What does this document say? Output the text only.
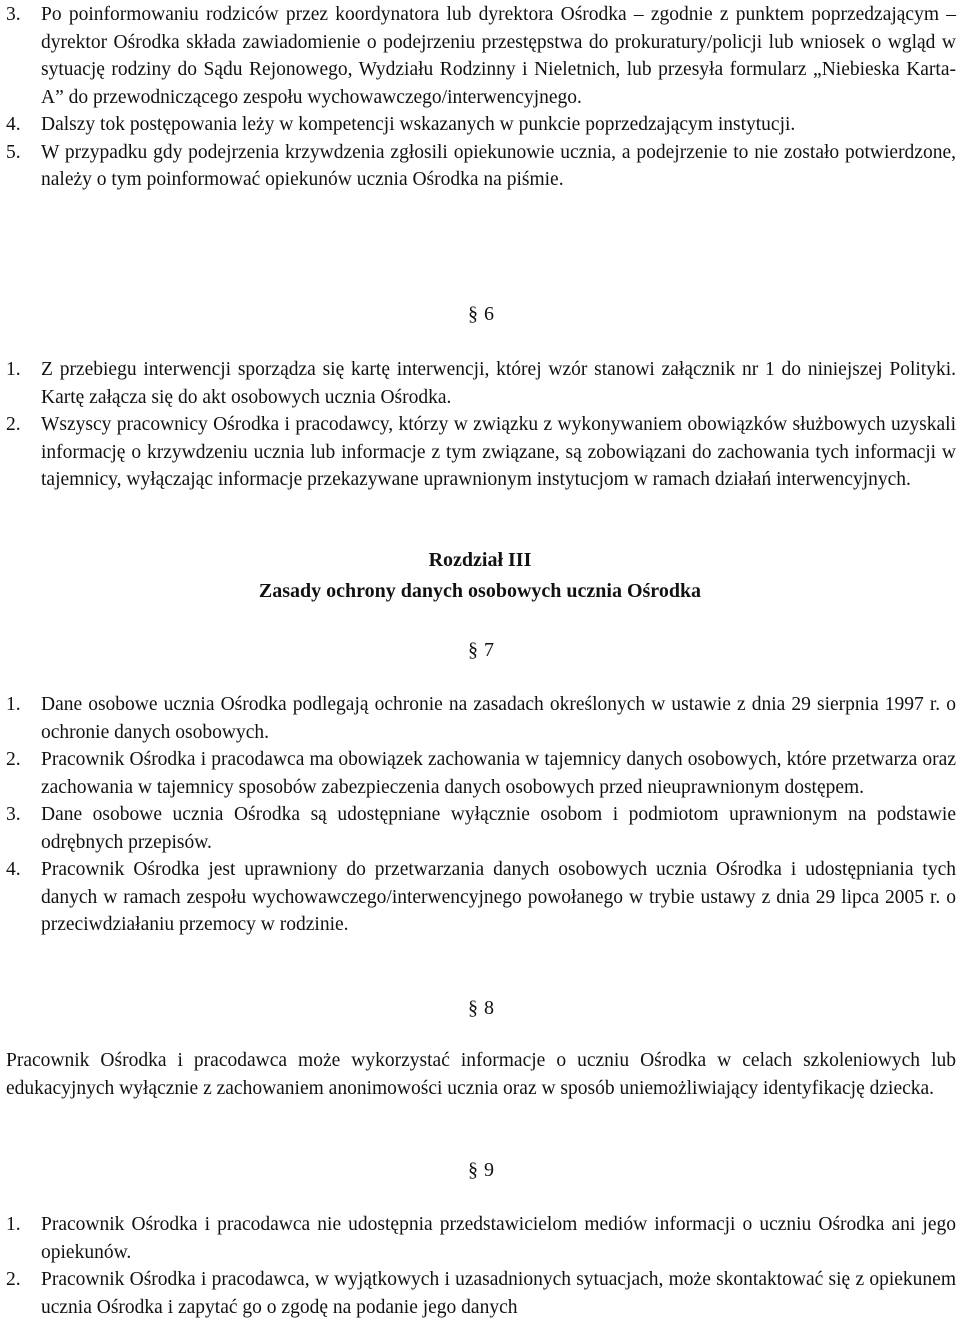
3. Po poinformowaniu rodziców przez koordynatora lub dyrektora Ośrodka – zgodnie z punktem poprzedzającym – dyrektor Ośrodka składa zawiadomienie o podejrzeniu przestępstwa do prokuratury/policji lub wniosek o wgląd w sytuację rodziny do Sądu Rejonowego, Wydziału Rodzinny i Nieletnich, lub przesyła formularz „Niebieska Karta-A” do przewodniczącego zespołu wychowawczego/interwencyjnego.
4. Dalszy tok postępowania leży w kompetencji wskazanych w punkcie poprzedzającym instytucji.
5. W przypadku gdy podejrzenia krzywdzenia zgłosili opiekunowie ucznia, a podejrzenie to nie zostało potwierdzone, należy o tym poinformować opiekunów ucznia Ośrodka na piśmie.
§ 6
1. Z przebiegu interwencji sporządza się kartę interwencji, której wzór stanowi załącznik nr 1 do niniejszej Polityki. Kartę załącza się do akt osobowych ucznia Ośrodka.
2. Wszyscy pracownicy Ośrodka i pracodawcy, którzy w związku z wykonywaniem obowiązków służbowych uzyskali informację o krzywdzeniu ucznia lub informacje z tym związane, są zobowiązani do zachowania tych informacji w tajemnicy, wyłączając informacje przekazywane uprawnionym instytucjom w ramach działań interwencyjnych.
Rozdział III
Zasady ochrony danych osobowych ucznia Ośrodka
§ 7
1. Dane osobowe ucznia Ośrodka podlegają ochronie na zasadach określonych w ustawie z dnia 29 sierpnia 1997 r. o ochronie danych osobowych.
2. Pracownik Ośrodka i pracodawca ma obowiązek zachowania w tajemnicy danych osobowych, które przetwarza oraz zachowania w tajemnicy sposobów zabezpieczenia danych osobowych przed nieuprawnionym dostępem.
3. Dane osobowe ucznia Ośrodka są udostępniane wyłącznie osobom i podmiotom uprawnionym na podstawie odrębnych przepisów.
4. Pracownik Ośrodka jest uprawniony do przetwarzania danych osobowych ucznia Ośrodka i udostępniania tych danych w ramach zespołu wychowawczego/interwencyjnego powołanego w trybie ustawy z dnia 29 lipca 2005 r. o przeciwdziałaniu przemocy w rodzinie.
§ 8
Pracownik Ośrodka i pracodawca może wykorzystać informacje o uczniu Ośrodka w celach szkoleniowych lub edukacyjnych wyłącznie z zachowaniem anonimowości ucznia oraz w sposób uniemożliwiający identyfikację dziecka.
§ 9
1. Pracownik Ośrodka i pracodawca nie udostępnia przedstawicielom mediów informacji o uczniu Ośrodka ani jego opiekunów.
2. Pracownik Ośrodka i pracodawca, w wyjątkowych i uzasadnionych sytuacjach, może skontaktować się z opiekunem ucznia Ośrodka i zapytać go o zgodę na podanie jego danych
